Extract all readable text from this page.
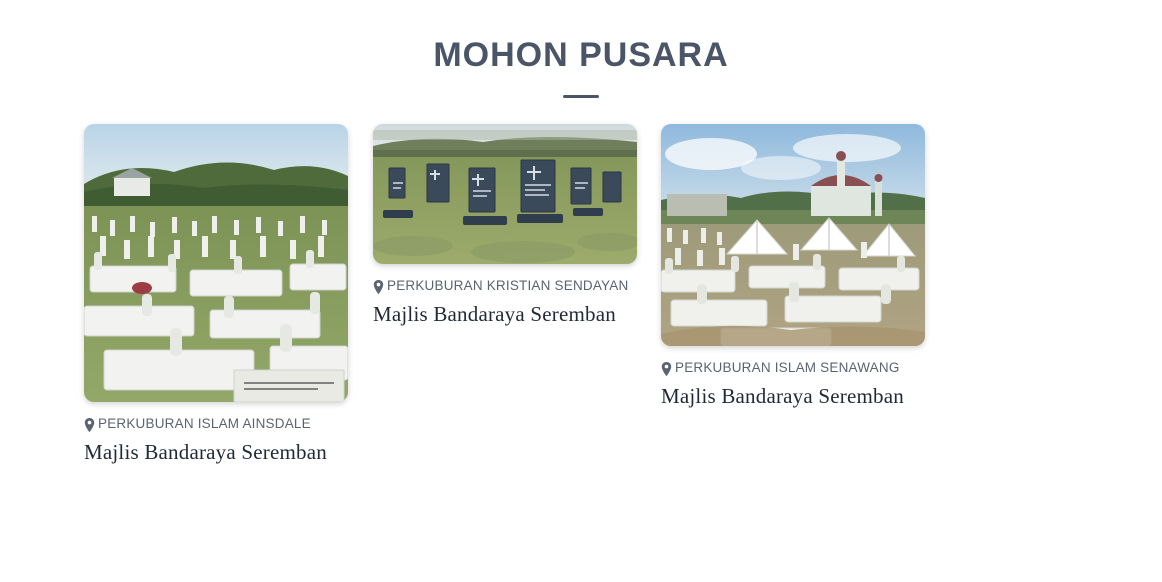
MOHON PUSARA
PERKUBURAN ISLAM AINSDALE
Majlis Bandaraya Seremban
PERKUBURAN KRISTIAN SENDAYAN
Majlis Bandaraya Seremban
PERKUBURAN ISLAM SENAWANG
Majlis Bandaraya Seremban
